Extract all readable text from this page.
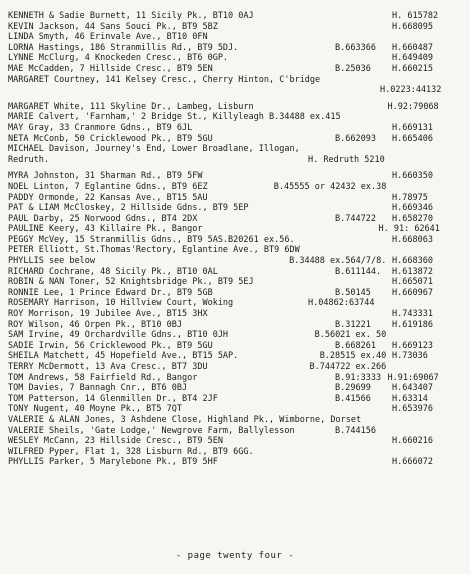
KENNETH & Sadie Burnett, 11 Sicily Pk., BT10 0AJ	H. 615782
KEVIN Jackson, 44 Sans Souci Pk., BT9 5BZ	H.668095
LINDA Smyth, 46 Erinvale Ave., BT10 0FN
LORNA Hastings, 186 Stranmillis Rd., BT9 5DJ.	B.663366 H.660487
LYNNE McClurg, 4 Knockeden Cresc., BT6 0GP.	H.649409
MAE McCadden, 7 Hillside Cresc., BT9 5EN	B.25036 H.660215
MARGARET Courtney, 141 Kelsey Cresc., Cherry Hinton, C'bridge
H.0223:44132
MARGARET White, 111 Skyline Dr., Lambeg, Lisburn	H.92:79068
MARIE Calvert, 'Farnham,' 2 Bridge St., Killyleagh B.34488 ex.415
MAY Gray, 33 Cranmore Gdns., BT9 6JL	H.669131
NETA McConb, 50 Cricklewood Pk., BT9 5GU	B.662093 H.665406
MICHAEL Davison, Journey's End, Lower Broadlane, Illogan,
Redruth.	H. Redruth 5210
MYRA Johnston, 31 Sharman Rd., BT9 5FW	H.660350
NOEL Linton, 7 Eglantine Gdns., BT9 6EZ	B.45555 or 42432 ex.38
PADDY Ormonde, 22 Kansas Ave., BT15 5AU	H.78975
PAT & LIAM McCloskey, 2 Hillside Gdns., BT9 5EP	H.669346
PAUL Darby, 25 Norwood Gdns., BT4 2DX	B.744722 H.658270
PAULINE Keery, 43 Killaire Pk., Bangor	H. 91: 62641
PEGGY McVey, 15 Stranmillis Gdns., BT9 5AS.B20261 ex.56.	H.668063
PETER Elliott, St.Thomas'Rectory, Eglantine Ave., BT9 6DW
PHYLLIS see below	B.34488 ex.564/7/8. H.668360
RICHARD Cochrane, 48 Sicily Pk., BT10 0AL	B.611144. H.613872
ROBIN & NAN Toner, 52 Knightsbridge Pk., BT9 5EJ	H.665071
RONNIE Lee, 1 Prince Edward Dr., BT9 5GB	B.50145 H.660967
ROSEMARY Harrison, 10 Hillview Court, Woking	H.04862:63744
ROY Morrison, 19 Jubilee Ave., BT15 3HX	H.743331
ROY Wilson, 46 Orpen Pk., BT10 0BJ	B.31221 H.619186
SAM Irvine, 49 Orchardville Gdns., BT10 0JH	B.56021 ex. 50
SADIE Irwin, 56 Cricklewood Pk., BT9 5GU	B.668261 H.669123
SHEILA Matchett, 45 Hopefield Ave., BT15 5AP.	B.28515 ex.40 H.73036
TERRY McDermott, 13 Ava Cresc., BT7 3DU	B.744722 ex.266
TOM Andrews, 58 Fairfield Rd., Bangor	B.91:3333 H.91:69067
TOM Davies, 7 Bannagh Cnr., BT6 0BJ	B.29699 H.643407
TOM Patterson, 14 Glenmillen Dr., BT4 2JF	B.41566 H.63314
TONY Nugent, 40 Moyne Pk., BT5 7QT	H.653976
VALERIE & ALAN Jones, 3 Ashdene Close, Highland Pk., Wimborne, Dorset
VALERIE Sheils, 'Gate Lodge,' Newgrove Farm, Ballylesson	B.744156
WESLEY McCann, 23 Hillside Cresc., BT9 5EN	H.660216
WILFRED Pyper, Flat 1, 328 Lisburn Rd., BT9 6GG.
PHYLLIS Parker, 5 Marylebone Pk., BT9 5HF	H.666072
- page twenty four -
